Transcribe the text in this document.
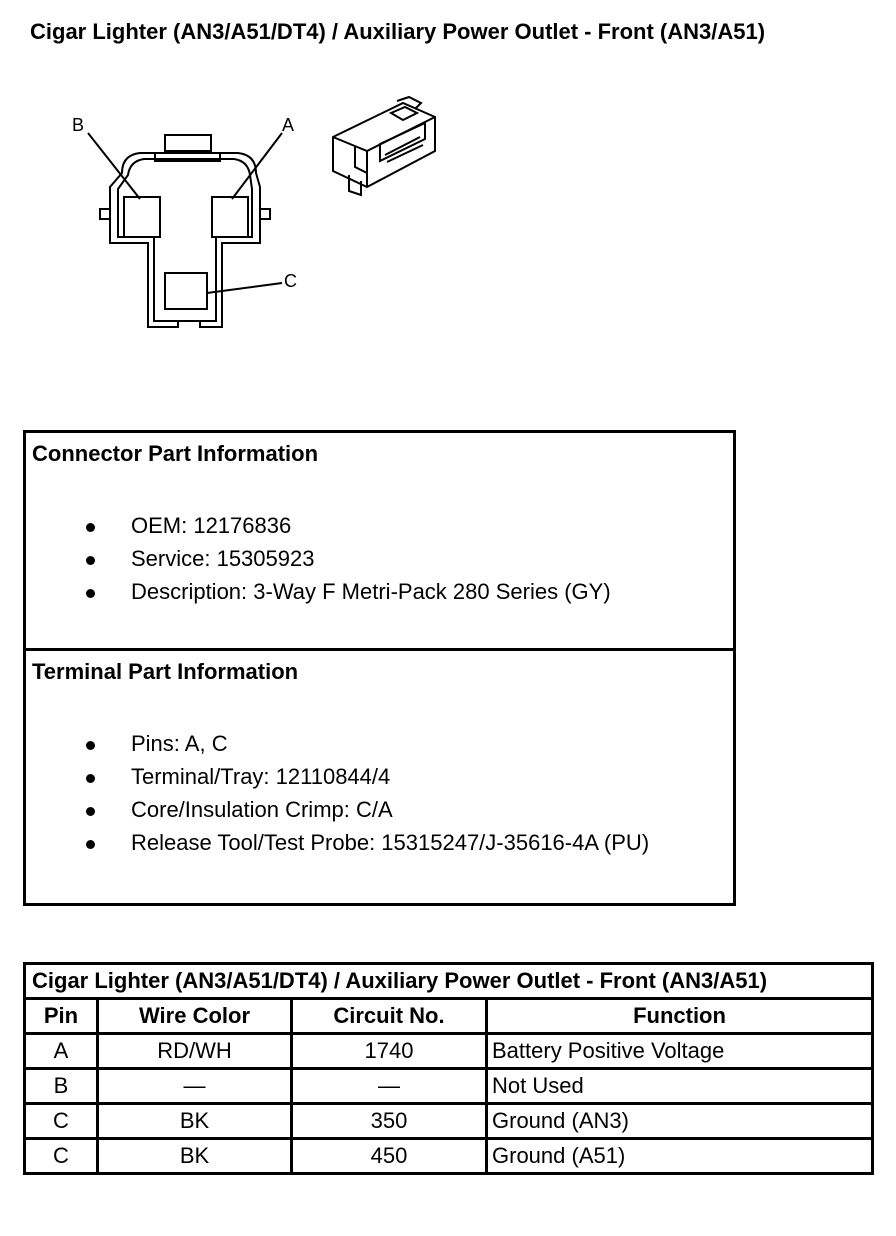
Cigar Lighter (AN3/A51/DT4) / Auxiliary Power Outlet - Front (AN3/A51)
B	A
C
Connector Part Information
OEM: 12176836
Service: 15305923
Description: 3-Way F Metri-Pack 280 Series (GY)
Terminal Part Information
Pins: A, C
Terminal/Tray: 12110844/4
Core/Insulation Crimp: C/A
Release Tool/Test Probe: 15315247/J-35616-4A (PU)
Cigar Lighter (AN3/A51/DT4) / Auxiliary Power Outlet - Front (AN3/A51)			
Pin	Wire Color	Circuit No.	Function
A	RD/WH	1740	Battery Positive Voltage
B	—	—	Not Used
C	BK	350	Ground (AN3)
C	BK	450	Ground (A51)
